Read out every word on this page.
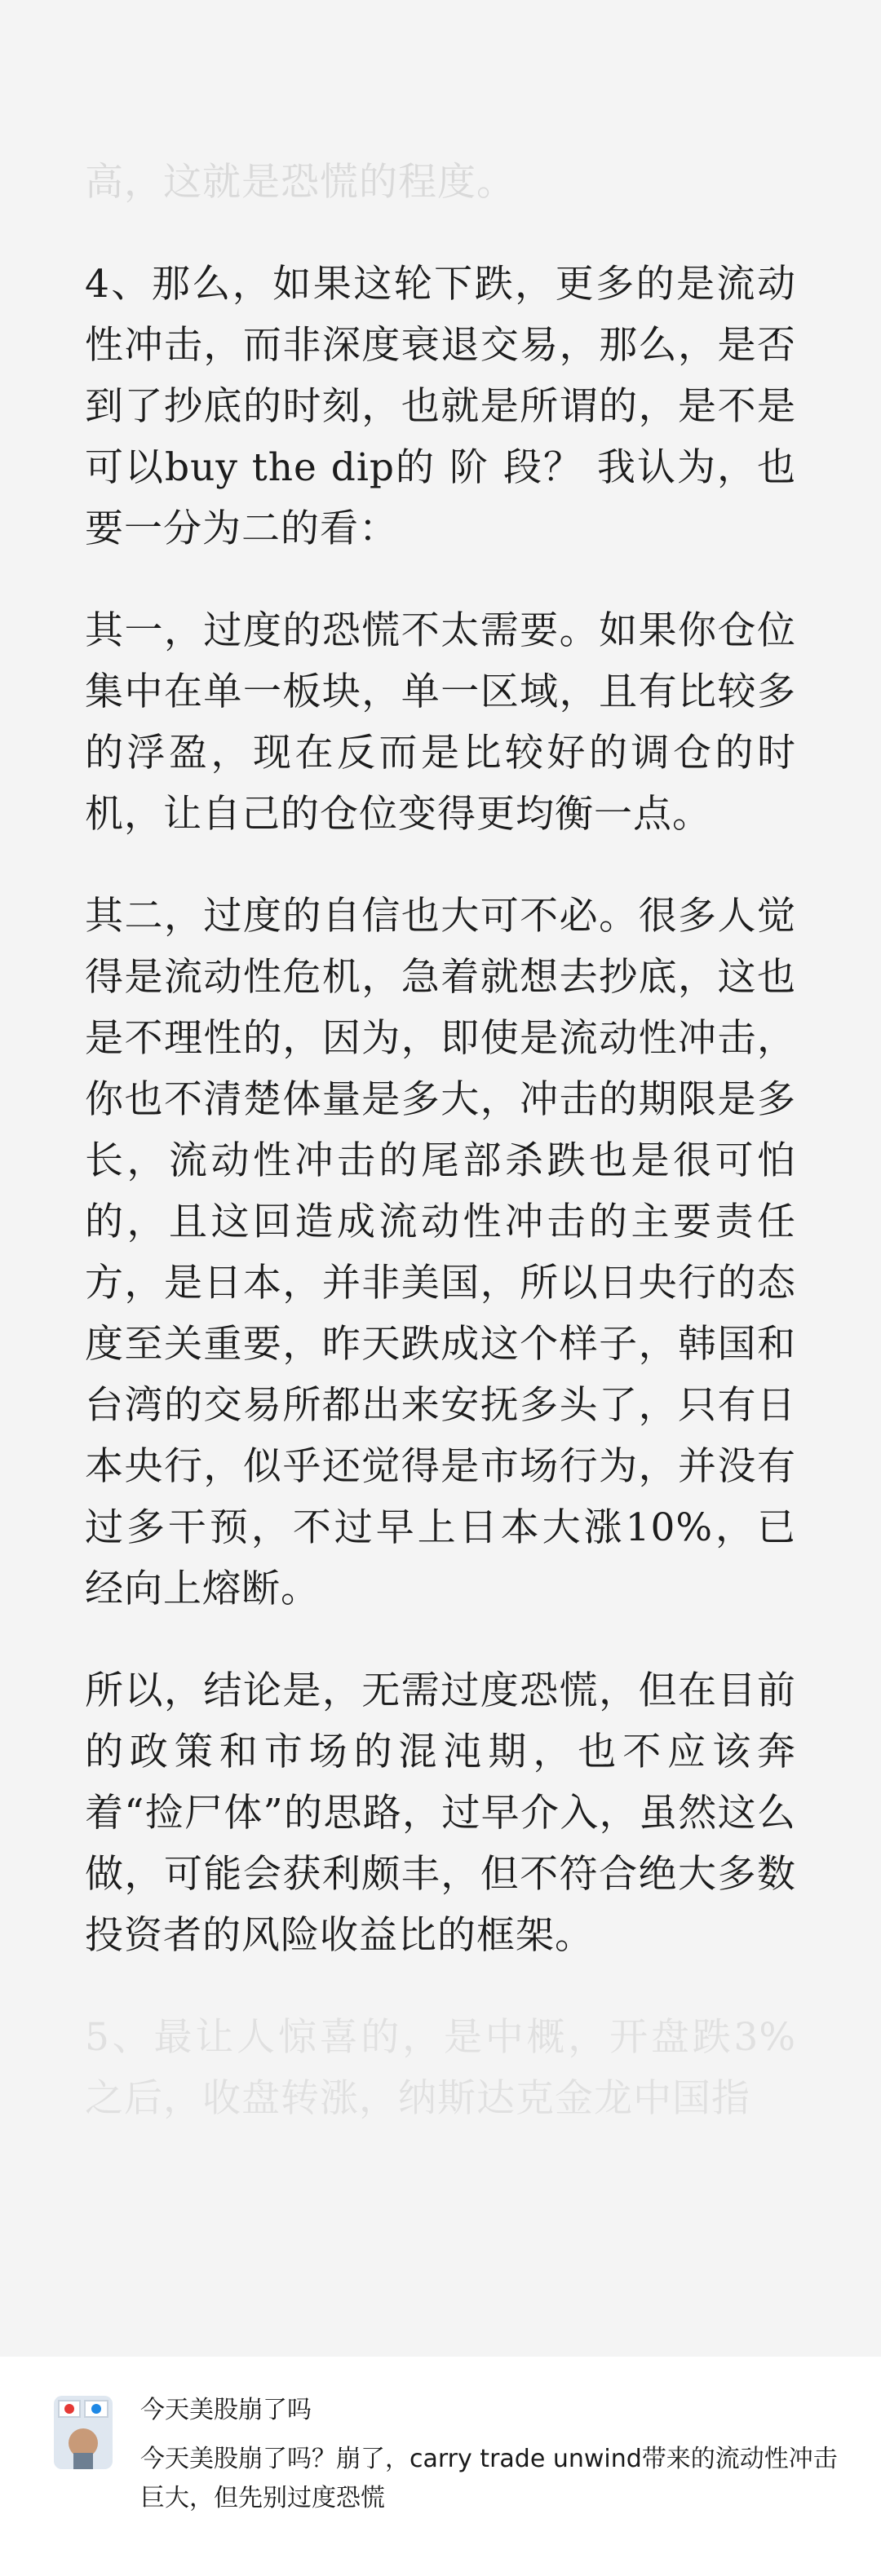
高，这就是恐慌的程度。

4、那么，如果这轮下跌，更多的是流动性冲击，而非深度衰退交易，那么，是否到了抄底的时刻，也就是所谓的，是不是可以buy the dip的 阶 段？ 我认为，也要一分为二的看：

其一，过度的恐慌不太需要。如果你仓位集中在单一板块，单一区域，且有比较多的浮盈，现在反而是比较好的调仓的时机，让自己的仓位变得更均衡一点。

其二，过度的自信也大可不必。很多人觉得是流动性危机，急着就想去抄底，这也是不理性的，因为，即使是流动性冲击，你也不清楚体量是多大，冲击的期限是多长，流动性冲击的尾部杀跌也是很可怕的，且这回造成流动性冲击的主要责任方，是日本，并非美国，所以日央行的态度至关重要，昨天跌成这个样子，韩国和台湾的交易所都出来安抚多头了，只有日本央行，似乎还觉得是市场行为，并没有过多干预，不过早上日本大涨10%，已经向上熔断。

所以，结论是，无需过度恐慌，但在目前的政策和市场的混沌期，也不应该奔着“捡尸体”的思路，过早介入，虽然这么做，可能会获利颇丰，但不符合绝大多数投资者的风险收益比的框架。

5、最让人惊喜的，是中概，开盘跌3%之后，收盘转涨，纳斯达克金龙中国指

今天美股崩了吗
今天美股崩了吗？崩了，carry trade unwind带来的流动性冲击巨大，但先别过度恐慌
